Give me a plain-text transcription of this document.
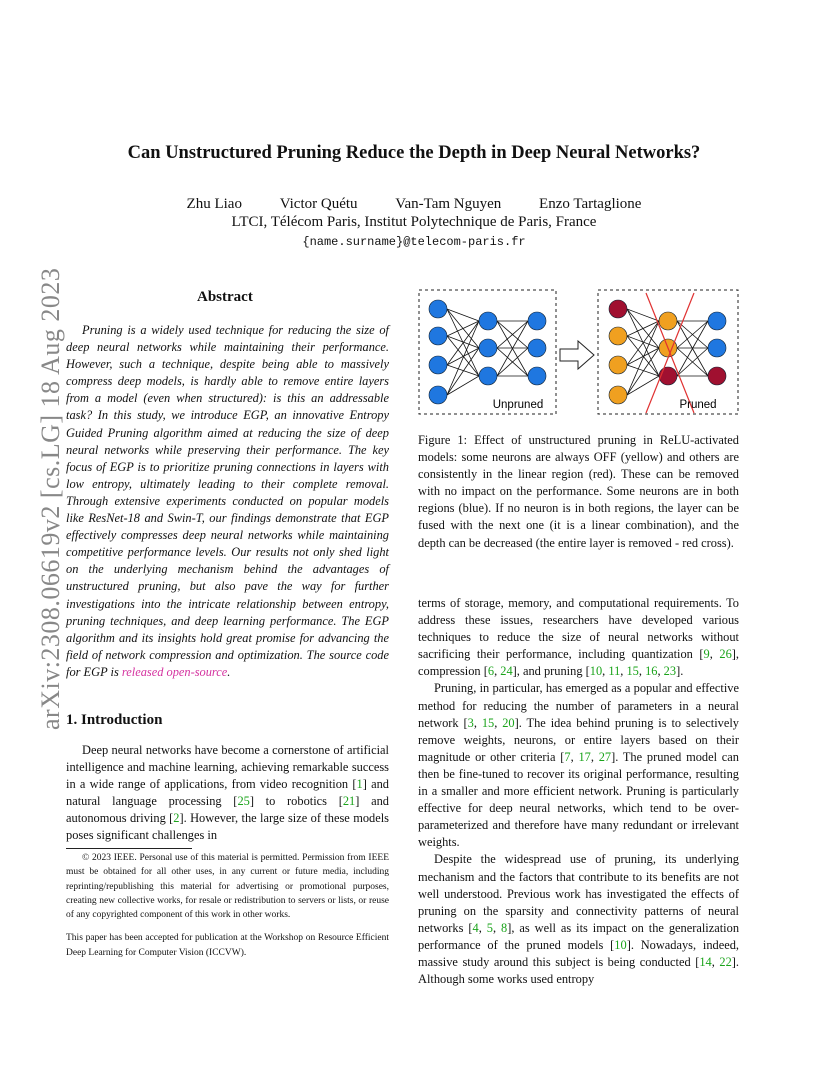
arXiv:2308.06619v2 [cs.LG] 18 Aug 2023
Can Unstructured Pruning Reduce the Depth in Deep Neural Networks?
Zhu Liao	Victor Quétu	Van-Tam Nguyen	Enzo Tartaglione
LTCI, Télécom Paris, Institut Polytechnique de Paris, France
{name.surname}@telecom-paris.fr
Abstract

Pruning is a widely used technique for reducing the size of deep neural networks while maintaining their performance. However, such a technique, despite being able to massively compress deep models, is hardly able to remove entire layers from a model (even when structured): is this an addressable task? In this study, we introduce EGP, an innovative Entropy Guided Pruning algorithm aimed at reducing the size of deep neural networks while preserving their performance. The key focus of EGP is to prioritize pruning connections in layers with low entropy, ultimately leading to their complete removal. Through extensive experiments conducted on popular models like ResNet-18 and Swin-T, our findings demonstrate that EGP effectively compresses deep neural networks while maintaining competitive performance levels. Our results not only shed light on the underlying mechanism behind the advantages of unstructured pruning, but also pave the way for further investigations into the intricate relationship between entropy, pruning techniques, and deep learning performance. The EGP algorithm and its insights hold great promise for advancing the field of network compression and optimization. The source code for EGP is released open-source.

1. Introduction

Deep neural networks have become a cornerstone of artificial intelligence and machine learning, achieving remarkable success in a wide range of applications, from video recognition [1] and natural language processing [25] to robotics [21] and autonomous driving [2]. However, the large size of these models poses significant challenges in

© 2023 IEEE. Personal use of this material is permitted. Permission from IEEE must be obtained for all other uses, in any current or future media, including reprinting/republishing this material for advertising or promotional purposes, creating new collective works, for resale or redistribution to servers or lists, or reuse of any copyrighted component of this work in other works.

This paper has been accepted for publication at the Workshop on Resource Efficient Deep Learning for Computer Vision (ICCVW).

Unpruned	Pruned

Figure 1: Effect of unstructured pruning in ReLU-activated models: some neurons are always OFF (yellow) and others are consistently in the linear region (red). These can be removed with no impact on the performance. Some neurons are in both regions (blue). If no neuron is in both regions, the layer can be fused with the next one (it is a linear combination), and the depth can be decreased (the entire layer is removed - red cross).

terms of storage, memory, and computational requirements. To address these issues, researchers have developed various techniques to reduce the size of neural networks without sacrificing their performance, including quantization [9, 26], compression [6, 24], and pruning [10, 11, 15, 16, 23].

Pruning, in particular, has emerged as a popular and effective method for reducing the number of parameters in a neural network [3, 15, 20]. The idea behind pruning is to selectively remove weights, neurons, or entire layers based on their magnitude or other criteria [7, 17, 27]. The pruned model can then be fine-tuned to recover its original performance, resulting in a smaller and more efficient network. Pruning is particularly effective for deep neural networks, which tend to be over-parameterized and therefore have many redundant or irrelevant weights.

Despite the widespread use of pruning, its underlying mechanism and the factors that contribute to its benefits are not well understood. Previous work has investigated the effects of pruning on the sparsity and connectivity patterns of neural networks [4, 5, 8], as well as its impact on the generalization performance of the pruned models [10]. Nowadays, indeed, massive study around this subject is being conducted [14, 22]. Although some works used entropy
